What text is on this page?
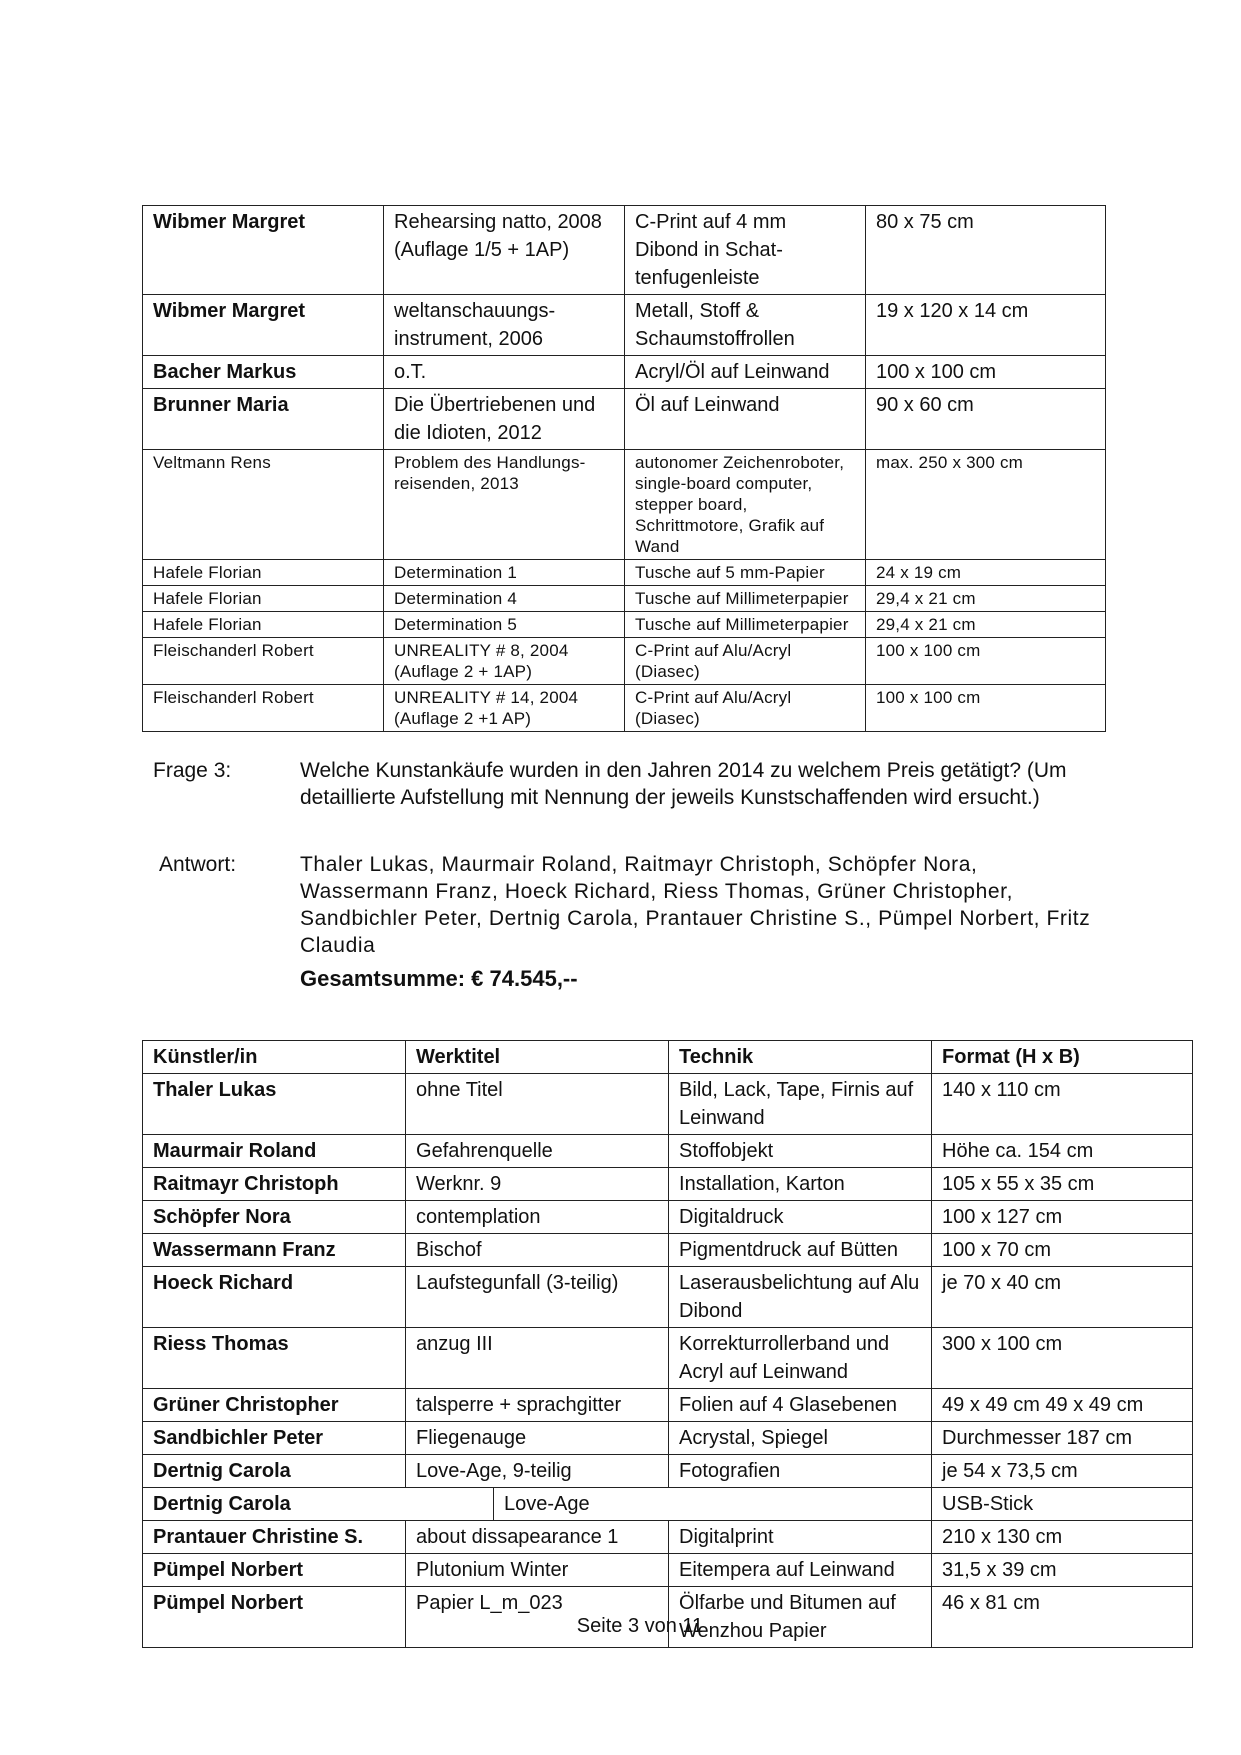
Wibmer Margret	Rehearsing natto, 2008 (Auflage 1/5 + 1AP)	C-Print auf 4 mm Dibond in Schat-tenfugenleiste	80 x 75 cm
Wibmer Margret	weltanschauungs-instrument, 2006	Metall, Stoff & Schaumstoffrollen	19 x 120 x 14 cm
Bacher Markus	o.T.	Acryl/Öl auf Leinwand	100 x 100 cm
Brunner Maria	Die Übertriebenen und die Idioten, 2012	Öl auf Leinwand	90 x 60 cm
Veltmann Rens	Problem des Handlungs-reisenden, 2013	autonomer Zeichenroboter, single-board computer, stepper board, Schrittmotore, Grafik auf Wand	max. 250 x 300 cm
Hafele Florian	Determination 1	Tusche auf 5 mm-Papier	24 x 19 cm
Hafele Florian	Determination 4	Tusche auf Millimeterpapier	29,4 x 21 cm
Hafele Florian	Determination 5	Tusche auf Millimeterpapier	29,4 x 21 cm
Fleischanderl Robert	UNREALITY # 8, 2004 (Auflage 2 + 1AP)	C-Print auf Alu/Acryl (Diasec)	100 x 100 cm
Fleischanderl Robert	UNREALITY # 14, 2004 (Auflage 2 +1 AP)	C-Print auf Alu/Acryl (Diasec)	100 x 100 cm
Frage 3:	Welche Kunstankäufe wurden in den Jahren 2014 zu welchem Preis getätigt? (Um detaillierte Aufstellung mit Nennung der jeweils Kunstschaffenden wird ersucht.)
Antwort:	Thaler Lukas, Maurmair Roland, Raitmayr Christoph, Schöpfer Nora, Wassermann Franz, Hoeck Richard, Riess Thomas, Grüner Christopher, Sandbichler Peter, Dertnig Carola, Prantauer Christine S., Pümpel Norbert, Fritz Claudia
Gesamtsumme: € 74.545,--
Künstler/in	Werktitel		Technik	Format (H x B)
Thaler Lukas	ohne Titel		Bild, Lack, Tape, Firnis auf Leinwand	140 x 110 cm
Maurmair Roland	Gefahrenquelle		Stoffobjekt	Höhe ca. 154 cm
Raitmayr Christoph	Werknr. 9		Installation, Karton	105 x 55 x 35 cm
Schöpfer Nora	contemplation		Digitaldruck	100 x 127 cm
Wassermann Franz	Bischof		Pigmentdruck auf Bütten	100 x 70 cm
Hoeck Richard	Laufstegunfall (3-teilig)		Laserausbelichtung auf Alu Dibond	je 70 x 40 cm
Riess Thomas	anzug III		Korrekturrollerband und Acryl auf Leinwand	300 x 100 cm
Grüner Christopher	talsperre + sprachgitter		Folien auf 4 Glasebenen	49 x 49 cm 49 x 49 cm
Sandbichler Peter	Fliegenauge		Acrystal, Spiegel	Durchmesser 187 cm
Dertnig Carola	Love-Age, 9-teilig		Fotografien	je 54 x 73,5 cm
Dertnig Carola		Love-Age		USB-Stick
Prantauer Christine S.	about dissapearance 1		Digitalprint	210 x 130 cm
Pümpel Norbert	Plutonium Winter		Eitempera auf Leinwand	31,5 x 39 cm
Pümpel Norbert	Papier L_m_023		Ölfarbe und Bitumen auf Wenzhou Papier	46 x 81 cm
Seite 3 von 11
